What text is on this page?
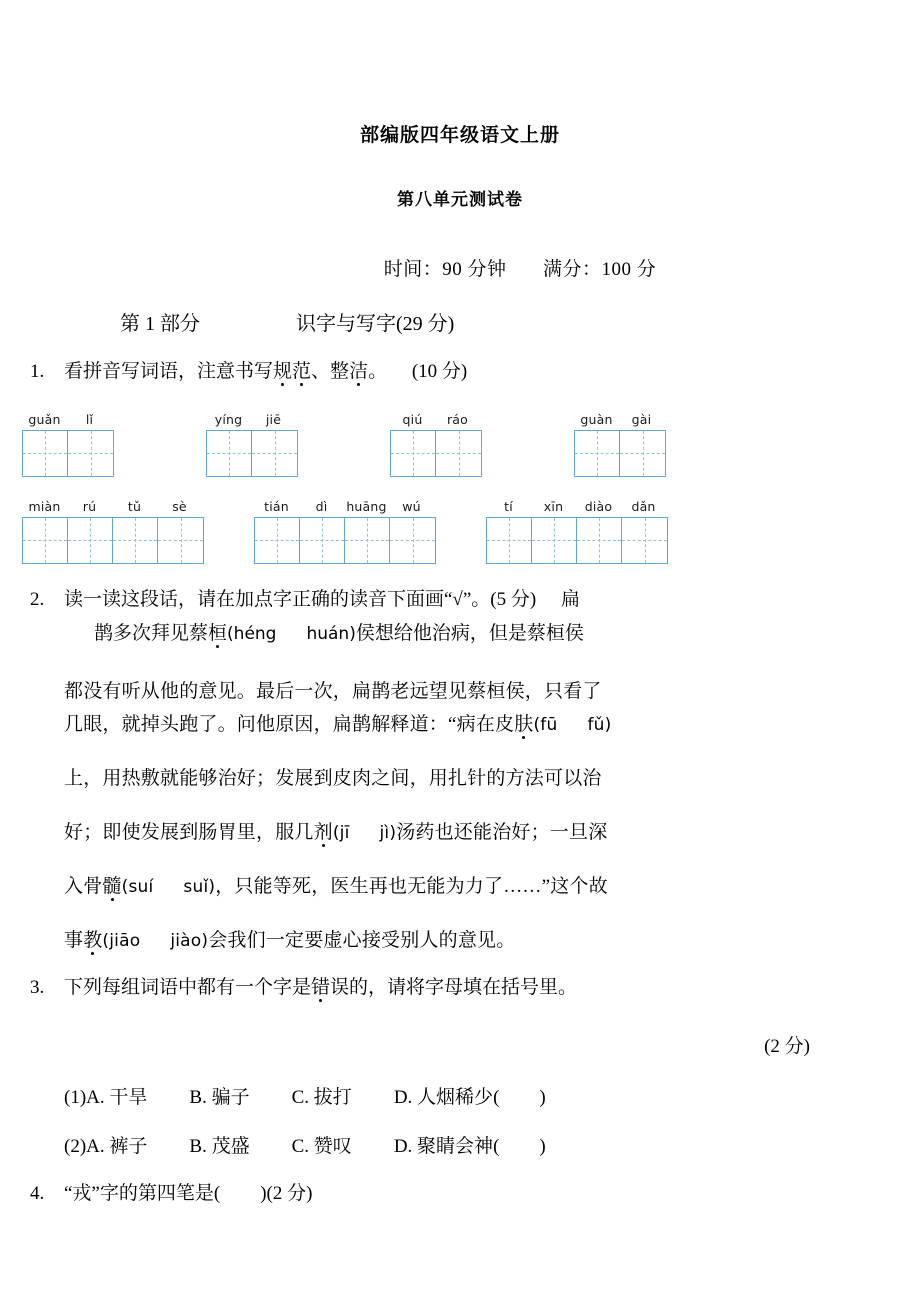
部编版四年级语文上册
第八单元测试卷
时间：90 分钟 满分：100 分
第 1 部分	识字与写字(29 分)
1. 看拼音写词语，注意书写规范、整洁。 (10 分)
guǎn	lǐ	yíng	jiē	qiú	ráo	guàn	gài
miàn	rú	tǔ	sè	tián	dì	huāng	wú	tí	xīn	diào	dǎn
2. 读一读这段话，请在加点字正确的读音下面画“√”。(5 分) 扁
鹊多次拜见蔡桓(héng huán)侯想给他治病，但是蔡桓侯
都没有听从他的意见。最后一次，扁鹊老远望见蔡桓侯，只看了
几眼，就掉头跑了。问他原因，扁鹊解释道：“病在皮肤(fū fǔ)
上，用热敷就能够治好；发展到皮肉之间，用扎针的方法可以治
好；即使发展到肠胃里，服几剂(jī jì)汤药也还能治好；一旦深
入骨髓(suí suǐ)，只能等死，医生再也无能为力了……”这个故
事教(jiāo jiào)会我们一定要虚心接受别人的意见。
3. 下列每组词语中都有一个字是错误的，请将字母填在括号里。
(2 分)
(1)A. 干旱 B. 骗子 C. 拔打 D. 人烟稀少( )
(2)A. 裤子 B. 茂盛 C. 赞叹 D. 聚睛会神( )
4. “戎”字的第四笔是( )(2 分)
